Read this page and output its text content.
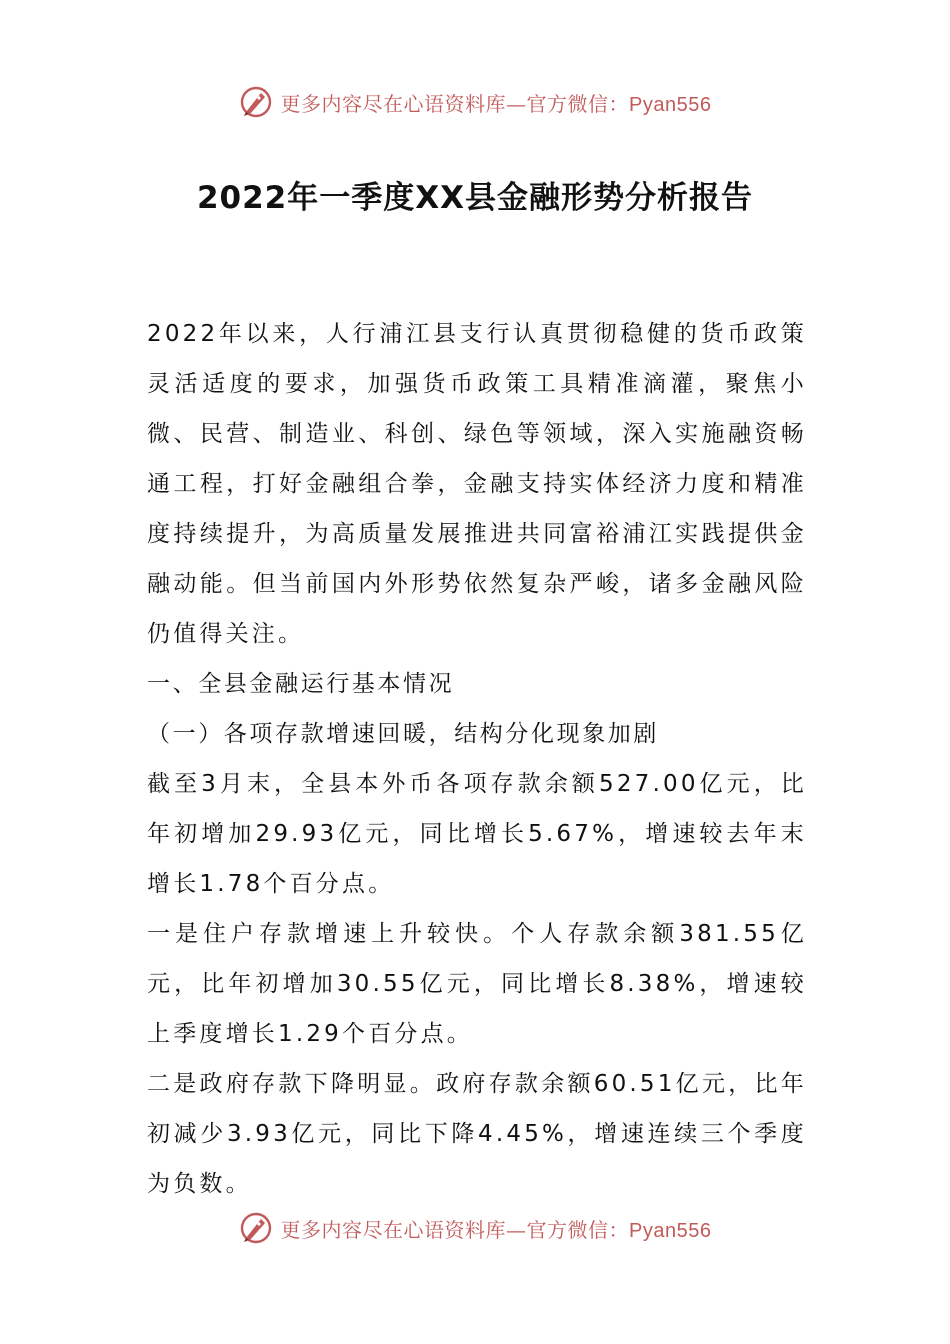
更多内容尽在心语资料库—官方微信：Pyan556
2022年一季度XX县金融形势分析报告

2022年以来，人行浦江县支行认真贯彻稳健的货币政策灵活适度的要求，加强货币政策工具精准滴灌，聚焦小微、民营、制造业、科创、绿色等领域，深入实施融资畅通工程，打好金融组合拳，金融支持实体经济力度和精准度持续提升，为高质量发展推进共同富裕浦江实践提供金融动能。但当前国内外形势依然复杂严峻，诸多金融风险仍值得关注。

一、全县金融运行基本情况

（一）各项存款增速回暖，结构分化现象加剧

截至3月末，全县本外币各项存款余额527.00亿元，比年初增加29.93亿元，同比增长5.67%，增速较去年末增长1.78个百分点。

一是住户存款增速上升较快。个人存款余额381.55亿元，比年初增加30.55亿元，同比增长8.38%，增速较上季度增长1.29个百分点。

二是政府存款下降明显。政府存款余额60.51亿元，比年初减少3.93亿元，同比下降4.45%，增速连续三个季度为负数。

更多内容尽在心语资料库—官方微信：Pyan556
